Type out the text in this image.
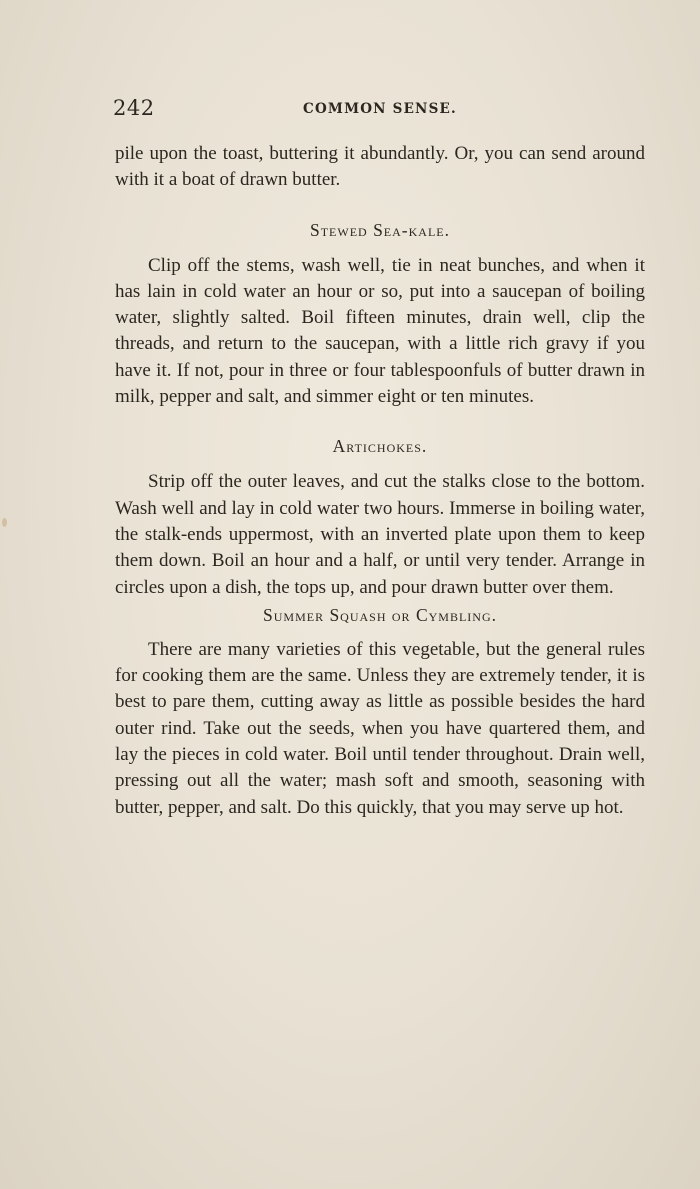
242	COMMON SENSE.

pile upon the toast, buttering it abundantly. Or, you can send around with it a boat of drawn butter.

Stewed Sea-kale.

Clip off the stems, wash well, tie in neat bunches, and when it has lain in cold water an hour or so, put into a saucepan of boiling water, slightly salted. Boil fifteen minutes, drain well, clip the threads, and return to the saucepan, with a little rich gravy if you have it. If not, pour in three or four tablespoonfuls of butter drawn in milk, pepper and salt, and simmer eight or ten minutes.

Artichokes.

Strip off the outer leaves, and cut the stalks close to the bottom. Wash well and lay in cold water two hours. Immerse in boiling water, the stalk-ends uppermost, with an inverted plate upon them to keep them down. Boil an hour and a half, or until very tender. Arrange in circles upon a dish, the tops up, and pour drawn butter over them.

Summer Squash or Cymbling.

There are many varieties of this vegetable, but the general rules for cooking them are the same. Unless they are extremely tender, it is best to pare them, cutting away as little as possible besides the hard outer rind. Take out the seeds, when you have quartered them, and lay the pieces in cold water. Boil until tender throughout. Drain well, pressing out all the water; mash soft and smooth, seasoning with butter, pepper, and salt. Do this quickly, that you may serve up hot.
